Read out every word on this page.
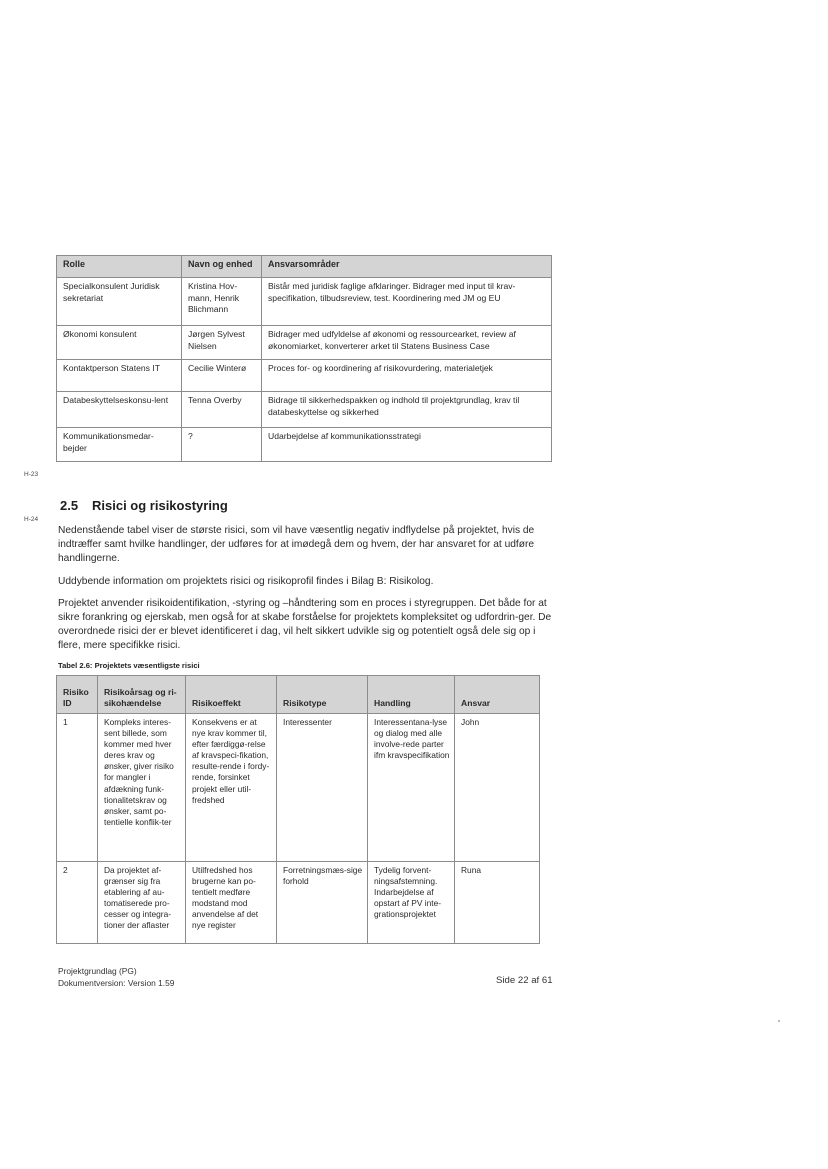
Rolle	Navn og enhed	Ansvarsområder
Specialkonsulent Juridisk sekretariat	Kristina Hov-mann, Henrik Blichmann	Bistår med juridisk faglige afklaringer. Bidrager med input til krav-specifikation, tilbudsreview, test. Koordinering med JM og EU
Økonomi konsulent	Jørgen Sylvest Nielsen	Bidrager med udfyldelse af økonomi og ressourcearket, review af økonomiarket, konverterer arket til Statens Business Case
Kontaktperson Statens IT	Cecilie Winterø	Proces for- og koordinering af risikovurdering, materialetjek
Databeskyttelseskonsu-lent	Tenna Overby	Bidrage til sikkerhedspakken og indhold til projektgrundlag, krav til databeskyttelse og sikkerhed
Kommunikationsmedar-bejder	?	Udarbejdelse af kommunikationsstrategi
H-23
H-24
2.5 Risici og risikostyring
Nedenstående tabel viser de største risici, som vil have væsentlig negativ indflydelse på projektet, hvis de indtræffer samt hvilke handlinger, der udføres for at imødegå dem og hvem, der har ansvaret for at udføre handlingerne.
Uddybende information om projektets risici og risikoprofil findes i Bilag B: Risikolog.
Projektet anvender risikoidentifikation, -styring og –håndtering som en proces i styregruppen. Det både for at sikre forankring og ejerskab, men også for at skabe forståelse for projektets kompleksitet og udfordrin-ger. De overordnede risici der er blevet identificeret i dag, vil helt sikkert udvikle sig og potentielt også dele sig op i flere, mere specifikke risici.
Tabel 2.6: Projektets væsentligste risici
Risiko ID	Risikoårsag og ri-sikohændelse	Risikoeffekt	Risikotype	Handling	Ansvar
1	Kompleks interes-sent billede, som kommer med hver deres krav og ønsker, giver risiko for mangler i afdækning funk-tionalitetskrav og ønsker, samt po-tentielle konflik-ter	Konsekvens er at nye krav kommer til, efter færdiggø-relse af kravspeci-fikation, resulte-rende i fordy-rende, forsinket projekt eller util-fredshed	Interessenter	Interessentana-lyse og dialog med alle involve-rede parter ifm kravspecifikation	John
2	Da projektet af-grænser sig fra etablering af au-tomatiserede pro-cesser og integra-tioner der aflaster	Utilfredshed hos brugerne kan po-tentielt medføre modstand mod anvendelse af det nye register	Forretningsmæs-sige forhold	Tydelig forvent-ningsafstemning. Indarbejdelse af opstart af PV inte-grationsprojektet	Runa
Projektgrundlag (PG)
Dokumentversion: Version 1.59	Side 22 af 61
